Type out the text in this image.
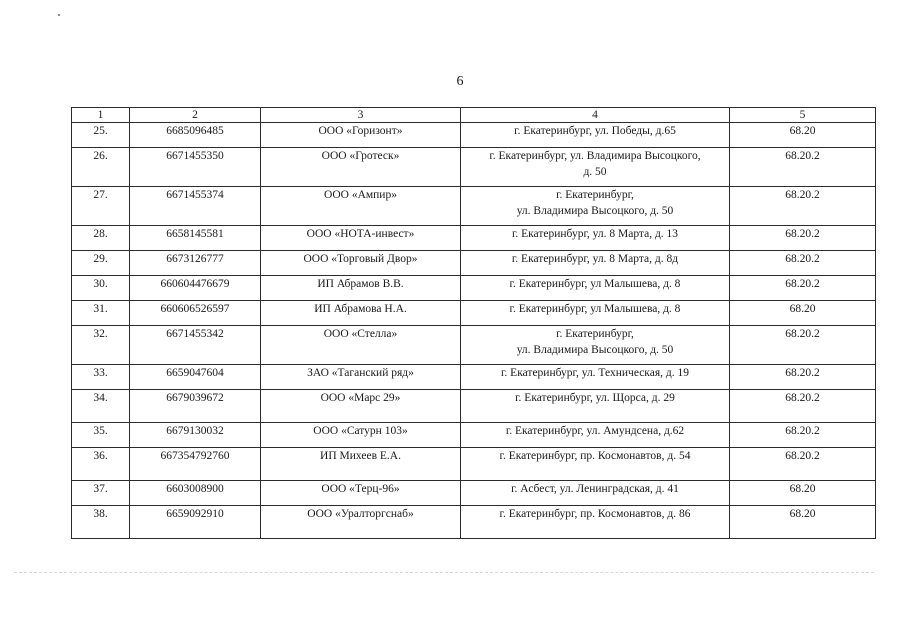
6
1	2	3	4	5
25.	6685096485	ООО «Горизонт»	г. Екатеринбург, ул. Победы, д.65	68.20
26.	6671455350	ООО «Гротеск»	г. Екатеринбург, ул. Владимира Высоцкого,
д. 50	68.20.2
27.	6671455374	ООО «Ампир»	г. Екатеринбург,
ул. Владимира Высоцкого, д. 50	68.20.2
28.	6658145581	ООО «НОТА-инвест»	г. Екатеринбург, ул. 8 Марта, д. 13	68.20.2
29.	6673126777	ООО «Торговый Двор»	г. Екатеринбург, ул. 8 Марта, д. 8д	68.20.2
30.	660604476679	ИП Абрамов В.В.	г. Екатеринбург, ул Малышева, д. 8	68.20.2
31.	660606526597	ИП Абрамова Н.А.	г. Екатеринбург, ул Малышева, д. 8	68.20
32.	6671455342	ООО «Стелла»	г. Екатеринбург,
ул. Владимира Высоцкого, д. 50	68.20.2
33.	6659047604	ЗАО «Таганский ряд»	г. Екатеринбург, ул. Техническая, д. 19	68.20.2
34.	6679039672	ООО «Марс 29»	г. Екатеринбург, ул. Щорса, д. 29	68.20.2
35.	6679130032	ООО «Сатурн 103»	г. Екатеринбург, ул. Амундсена, д.62	68.20.2
36.	667354792760	ИП Михеев Е.А.	г. Екатеринбург, пр. Космонавтов, д. 54	68.20.2
37.	6603008900	ООО «Терц-96»	г. Асбест, ул. Ленинградская, д. 41	68.20
38.	6659092910	ООО «Уралторгснаб»	г. Екатеринбург, пр. Космонавтов, д. 86	68.20
